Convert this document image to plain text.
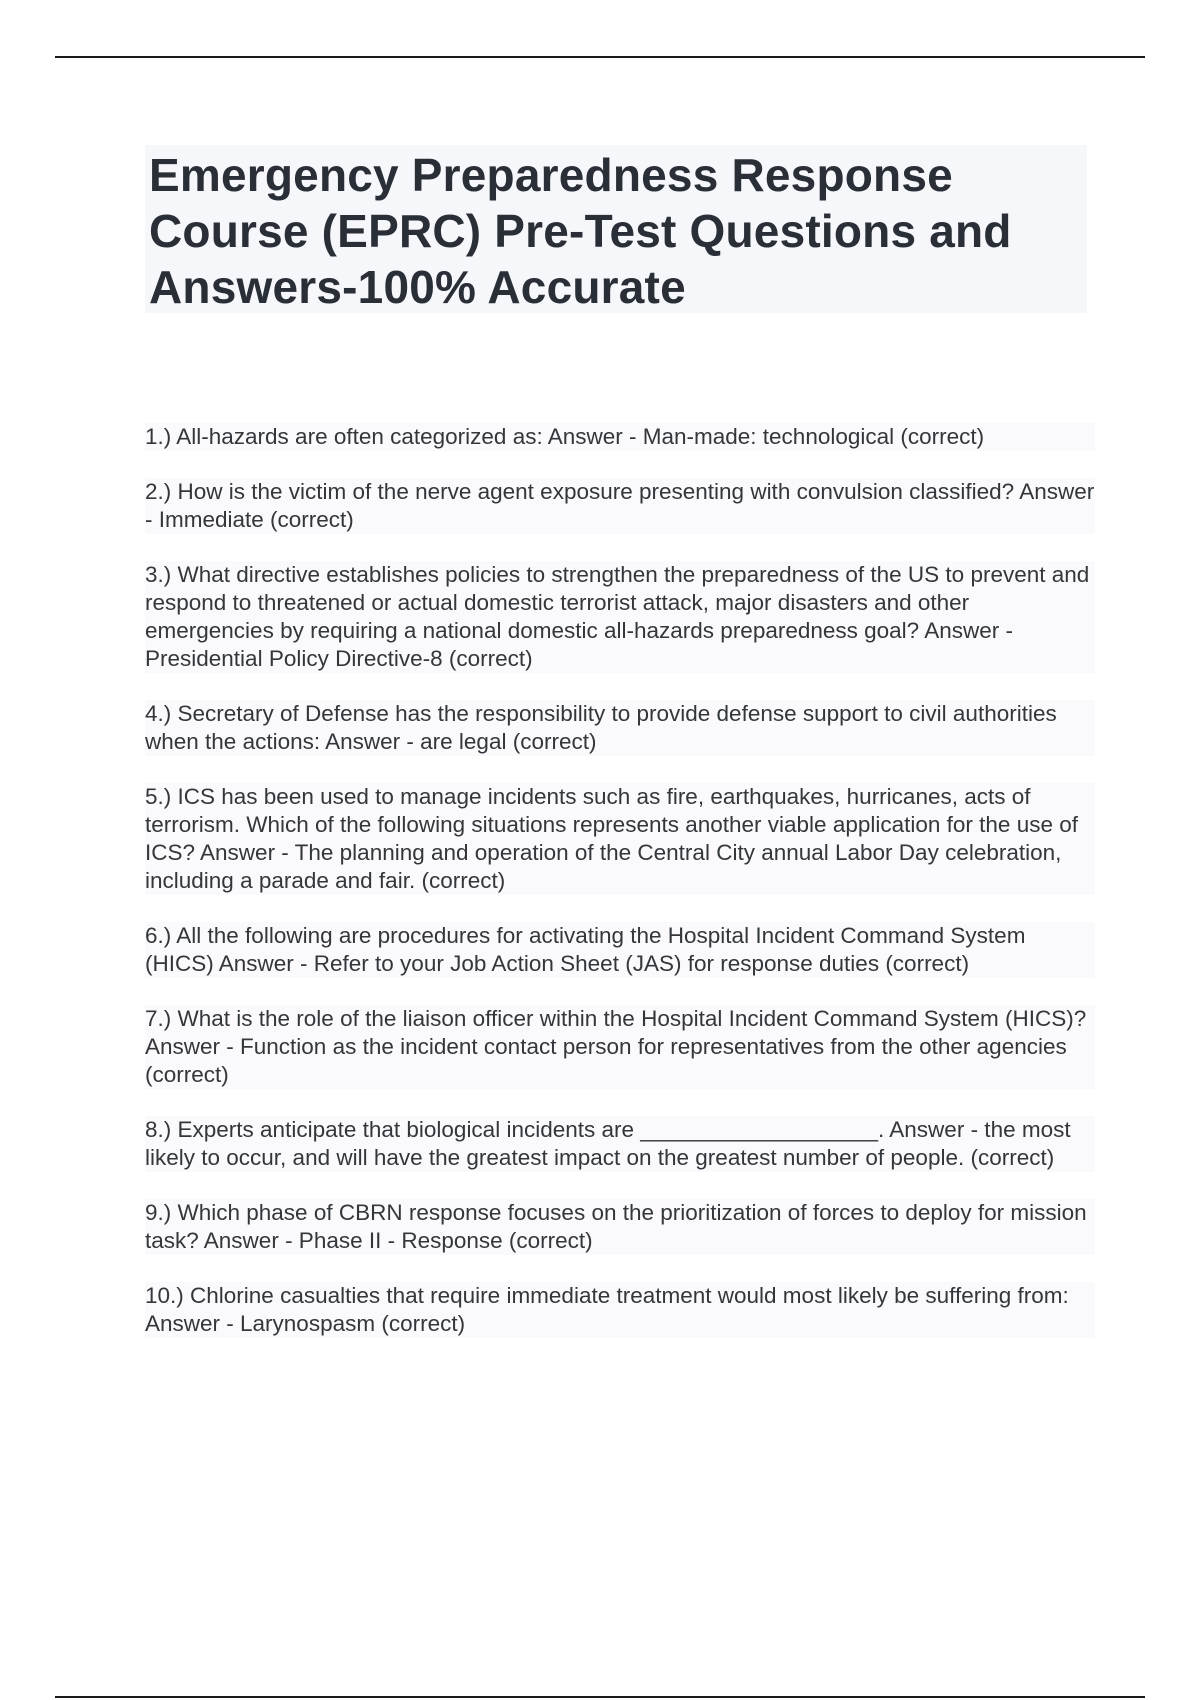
Emergency Preparedness Response Course (EPRC) Pre-Test Questions and Answers-100% Accurate

1.) All-hazards are often categorized as: Answer - Man-made: technological (correct)

2.) How is the victim of the nerve agent exposure presenting with convulsion classified? Answer - Immediate (correct)

3.) What directive establishes policies to strengthen the preparedness of the US to prevent and respond to threatened or actual domestic terrorist attack, major disasters and other emergencies by requiring a national domestic all-hazards preparedness goal? Answer - Presidential Policy Directive-8 (correct)

4.) Secretary of Defense has the responsibility to provide defense support to civil authorities when the actions: Answer - are legal (correct)

5.) ICS has been used to manage incidents such as fire, earthquakes, hurricanes, acts of terrorism. Which of the following situations represents another viable application for the use of ICS? Answer - The planning and operation of the Central City annual Labor Day celebration, including a parade and fair. (correct)

6.) All the following are procedures for activating the Hospital Incident Command System (HICS) Answer - Refer to your Job Action Sheet (JAS) for response duties (correct)

7.) What is the role of the liaison officer within the Hospital Incident Command System (HICS)? Answer - Function as the incident contact person for representatives from the other agencies (correct)

8.) Experts anticipate that biological incidents are ___________________. Answer - the most likely to occur, and will have the greatest impact on the greatest number of people. (correct)

9.) Which phase of CBRN response focuses on the prioritization of forces to deploy for mission task? Answer - Phase II - Response (correct)

10.) Chlorine casualties that require immediate treatment would most likely be suffering from: Answer - Larynospasm (correct)
